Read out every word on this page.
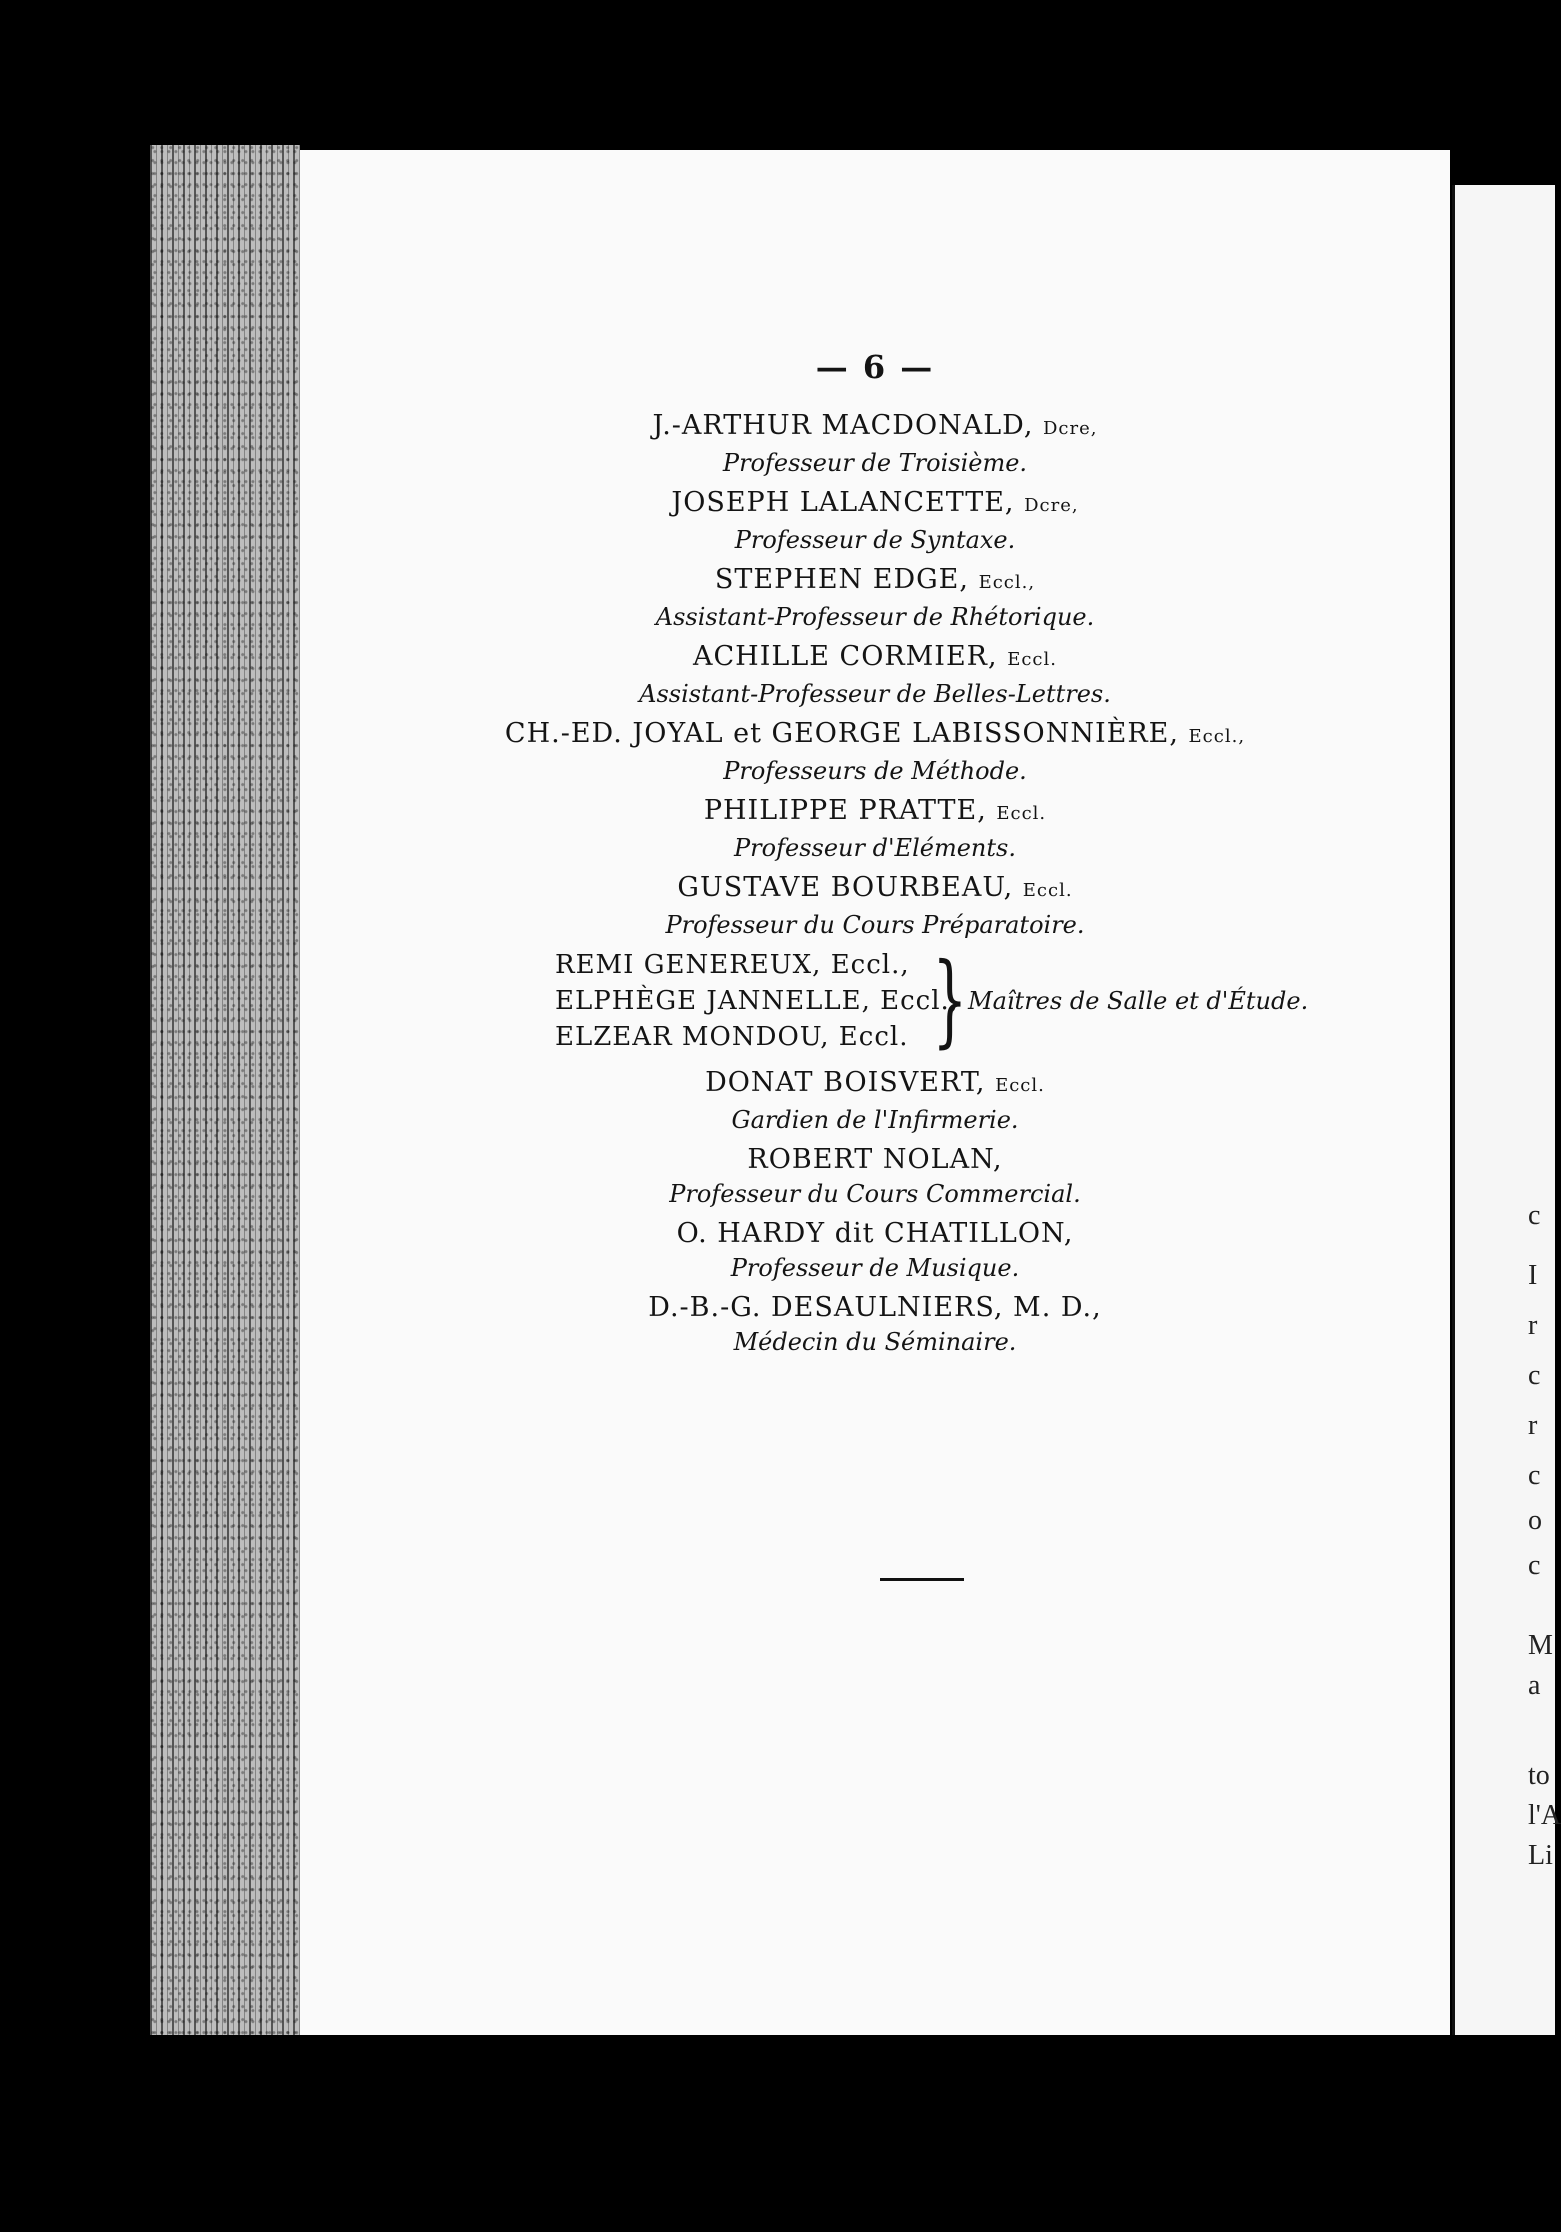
— 6 —
J.-ARTHUR MACDONALD, Dcre,
Professeur de Troisième.
JOSEPH LALANCETTE, Dcre,
Professeur de Syntaxe.
STEPHEN EDGE, Eccl.,
Assistant-Professeur de Rhétorique.
ACHILLE CORMIER, Eccl.
Assistant-Professeur de Belles-Lettres.
CH.-ED. JOYAL et GEORGE LABISSONNIÈRE, Eccl.,
Professeurs de Méthode.
PHILIPPE PRATTE, Eccl.
Professeur d'Eléments.
GUSTAVE BOURBEAU, Eccl.
Professeur du Cours Préparatoire.
REMI GENEREUX, Eccl.,
ELPHÈGE JANNELLE, Eccl.,
ELZEAR MONDOU, Eccl. } Maîtres de Salle et d'Étude.
DONAT BOISVERT, Eccl.
Gardien de l'Infirmerie.
ROBERT NOLAN,
Professeur du Cours Commercial.
O. HARDY dit CHATILLON,
Professeur de Musique.
D.-B.-G. DESAULNIERS, M. D.,
Médecin du Séminaire.
c
I
r
c
r
c
o
c
M
a
to
l'A
Li
